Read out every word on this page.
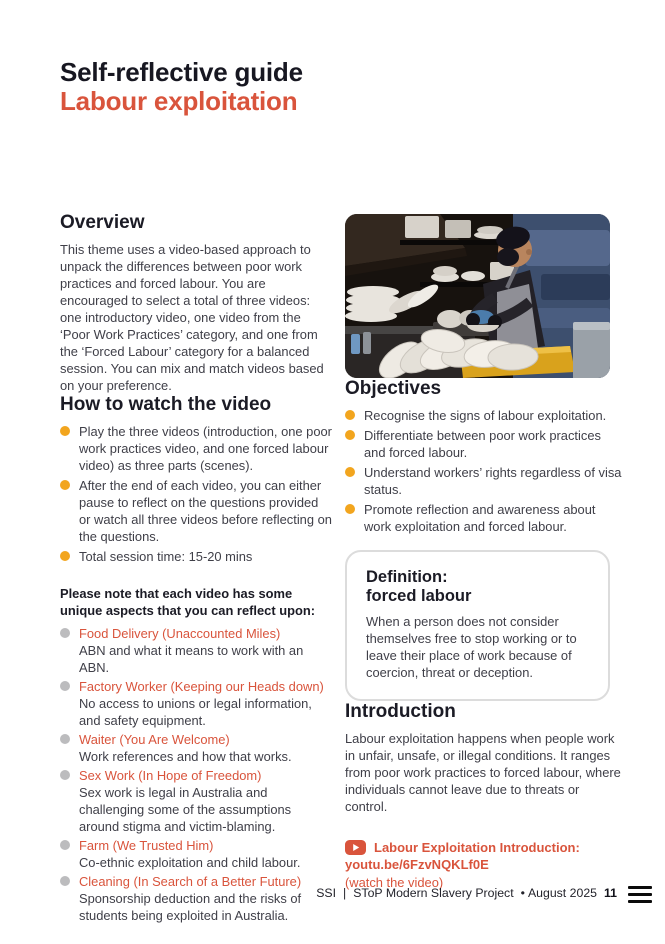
Self-reflective guide
Labour exploitation
Overview

This theme uses a video-based approach to unpack the differences between poor work practices and forced labour. You are encouraged to select a total of three videos: one introductory video, one video from the ‘Poor Work Practices’ category, and one from the ‘Forced Labour’ category for a balanced session. You can mix and match videos based on your preference.

How to watch the video
Play the three videos (introduction, one poor work practices video, and one forced labour video) as three parts (scenes).
After the end of each video, you can either pause to reflect on the questions provided or watch all three videos before reflecting on the questions.
Total session time: 15-20 mins

Please note that each video has some unique aspects that you can reflect upon:

Food Delivery (Unaccounted Miles)
ABN and what it means to work with an ABN.
Factory Worker (Keeping our Heads down)
No access to unions or legal information, and safety equipment.
Waiter (You Are Welcome)
Work references and how that works.
Sex Work (In Hope of Freedom)
Sex work is legal in Australia and challenging some of the assumptions around stigma and victim-blaming.
Farm (We Trusted Him)
Co-ethnic exploitation and child labour.
Cleaning (In Search of a Better Future)
Sponsorship deduction and the risks of students being exploited in Australia.
Objectives
Recognise the signs of labour exploitation.
Differentiate between poor work practices and forced labour.
Understand workers’ rights regardless of visa status.
Promote reflection and awareness about work exploitation and forced labour.
Definition:
forced labour

When a person does not consider themselves free to stop working or to leave their place of work because of coercion, threat or deception.

Introduction

Labour exploitation happens when people work in unfair, unsafe, or illegal conditions. It ranges from poor work practices to forced labour, where individuals cannot leave due to threats or control.

Labour Exploitation Introduction:
youtu.be/6FzvNQKLf0E
(watch the video)
SSI | SToP Modern Slavery Project • August 2025 11
